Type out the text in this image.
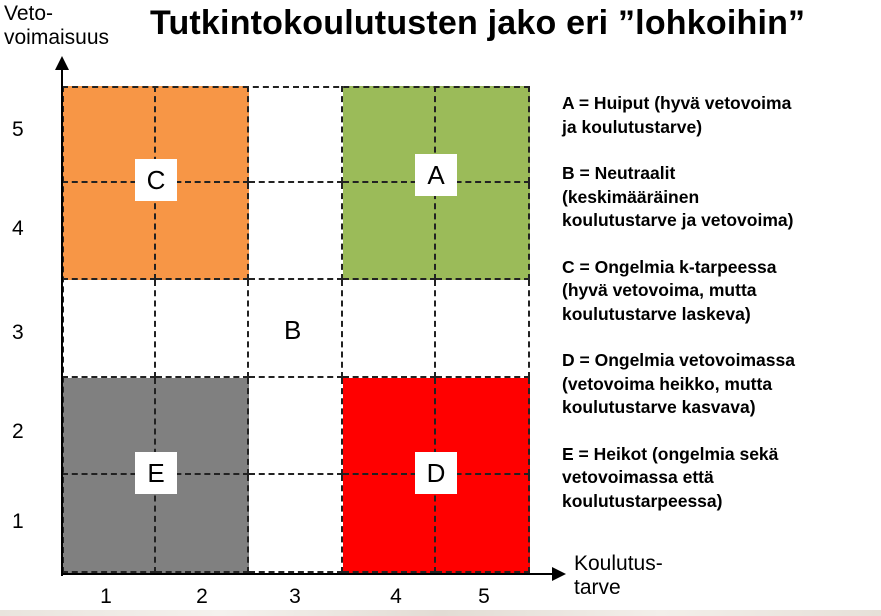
Tutkintokoulutusten jako eri ”lohkoihin”
Veto-
voimaisuus
Koulutus-
tarve
5
4
3
2
1
1	2	3	4	5
C	A
B
E	D
A = Huiput (hyvä vetovoima
ja koulutustarve)
B = Neutraalit
(keskimääräinen
koulutustarve ja vetovoima)
C = Ongelmia k-tarpeessa
(hyvä vetovoima, mutta
koulutustarve laskeva)
D = Ongelmia vetovoimassa
(vetovoima heikko, mutta
koulutustarve kasvava)
E = Heikot (ongelmia sekä
vetovoimassa että
koulutustarpeessa)
